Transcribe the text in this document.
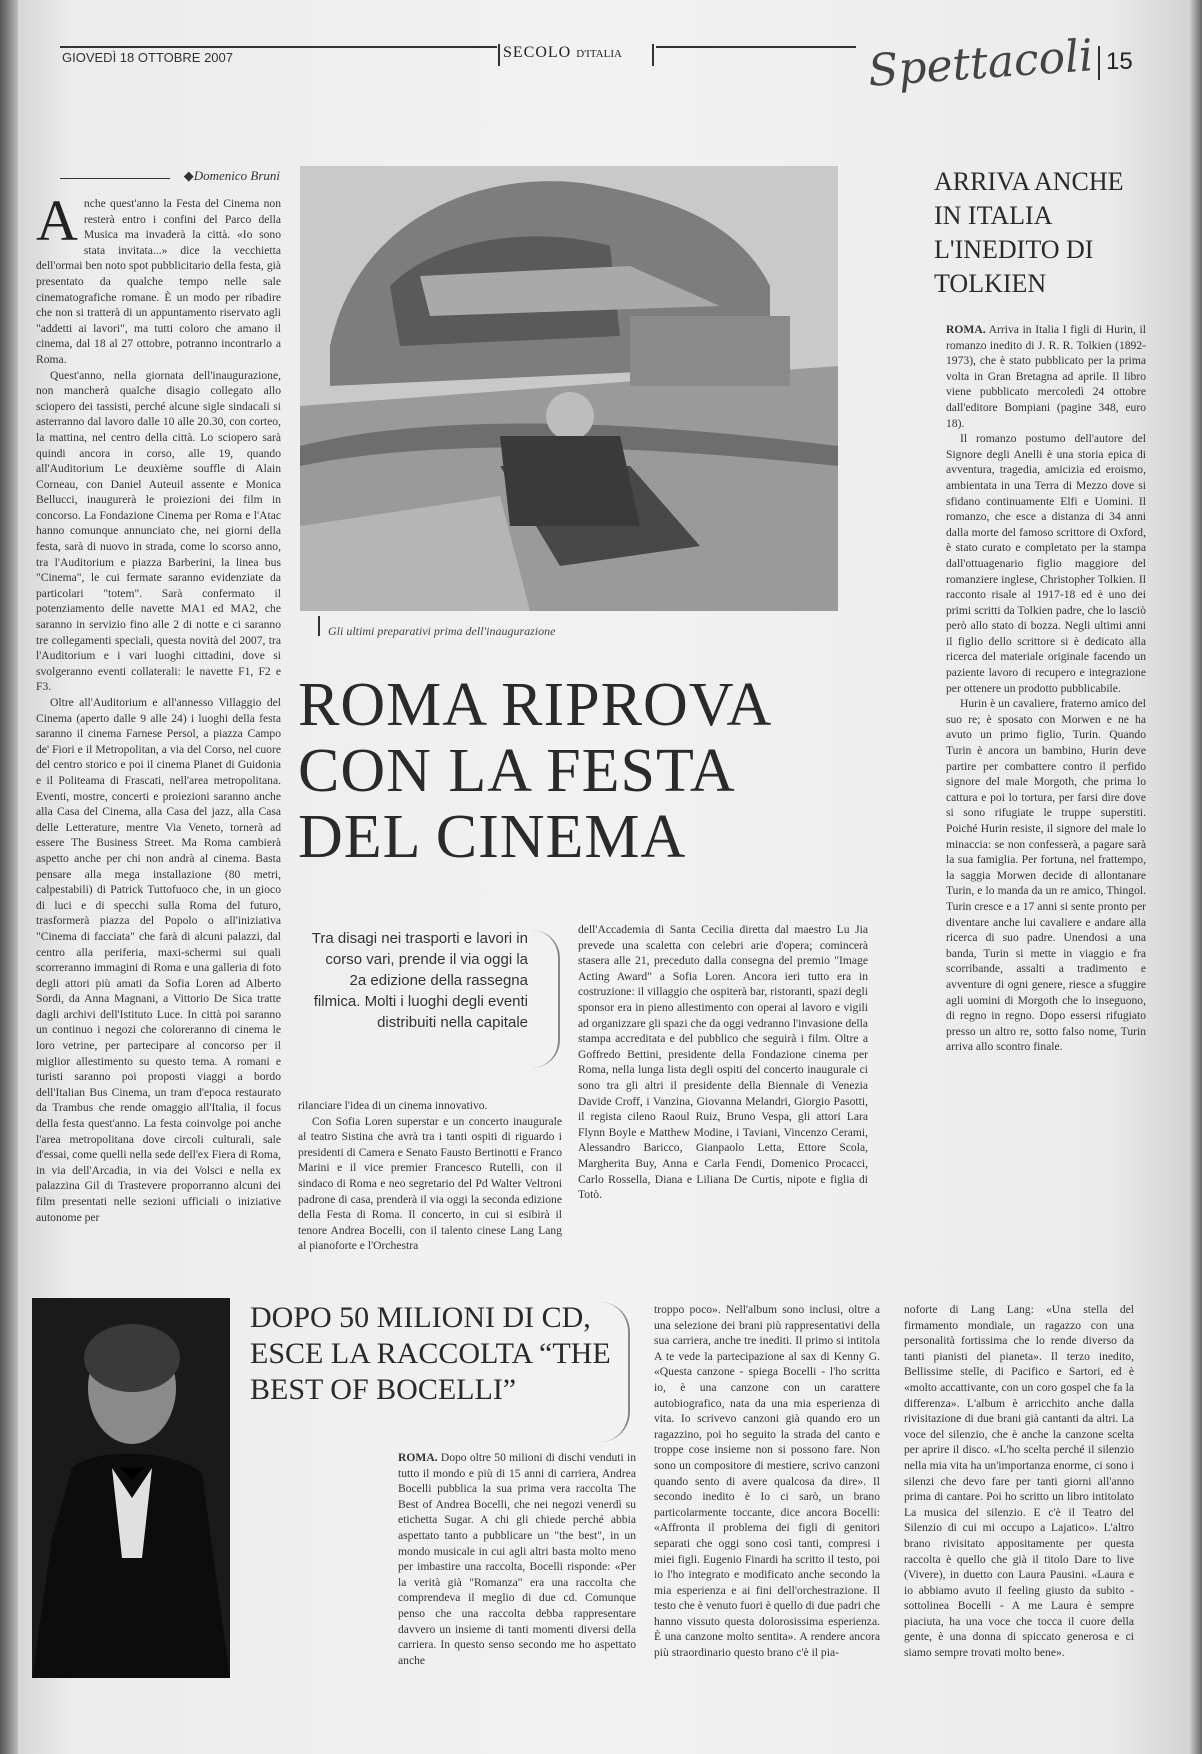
GIOVEDÌ 18 OTTOBRE 2007	SECOLO D'ITALIA	Spettacoli 15
◆Domenico Bruni

Anche quest'anno la Festa del Cinema non resterà entro i confini del Parco della Musica ma invaderà la città. «Io sono stata invitata...» dice la vecchietta dell'ormai ben noto spot pubblicitario della festa, già presentato da qualche tempo nelle sale cinematografiche romane. È un modo per ribadire che non si tratterà di un appuntamento riservato agli "addetti ai lavori", ma tutti coloro che amano il cinema, dal 18 al 27 ottobre, potranno incontrarlo a Roma.

Quest'anno, nella giornata dell'inaugurazione, non mancherà qualche disagio collegato allo sciopero dei tassisti, perché alcune sigle sindacali si asterranno dal lavoro dalle 10 alle 20.30, con corteo, la mattina, nel centro della città. Lo sciopero sarà quindi ancora in corso, alle 19, quando all'Auditorium Le deuxième souffle di Alain Corneau, con Daniel Auteuil assente e Monica Bellucci, inaugurerà le proiezioni dei film in concorso. La Fondazione Cinema per Roma e l'Atac hanno comunque annunciato che, nei giorni della festa, sarà di nuovo in strada, come lo scorso anno, tra l'Auditorium e piazza Barberini, la linea bus "Cinema", le cui fermate saranno evidenziate da particolari "totem". Sarà confermato il potenziamento delle navette MA1 ed MA2, che saranno in servizio fino alle 2 di notte e ci saranno tre collegamenti speciali, questa novità del 2007, tra l'Auditorium e i vari luoghi cittadini, dove si svolgeranno eventi collaterali: le navette F1, F2 e F3.

Oltre all'Auditorium e all'annesso Villaggio del Cinema (aperto dalle 9 alle 24) i luoghi della festa saranno il cinema Farnese Persol, a piazza Campo de' Fiori e il Metropolitan, a via del Corso, nel cuore del centro storico e poi il cinema Planet di Guidonia e il Politeama di Frascati, nell'area metropolitana. Eventi, mostre, concerti e proiezioni saranno anche alla Casa del Cinema, alla Casa del jazz, alla Casa delle Letterature, mentre Via Veneto, tornerà ad essere The Business Street. Ma Roma cambierà aspetto anche per chi non andrà al cinema. Basta pensare alla mega installazione (80 metri, calpestabili) di Patrick Tuttofuoco che, in un gioco di luci e di specchi sulla Roma del futuro, trasformerà piazza del Popolo o all'iniziativa "Cinema di facciata" che farà di alcuni palazzi, dal centro alla periferia, maxi-schermi sui quali scorreranno immagini di Roma e una galleria di foto degli attori più amati da Sofia Loren ad Alberto Sordi, da Anna Magnani, a Vittorio De Sica tratte dagli archivi dell'Istituto Luce. In città poi saranno un continuo i negozi che coloreranno di cinema le loro vetrine, per partecipare al concorso per il miglior allestimento su questo tema. A romani e turisti saranno poi proposti viaggi a bordo dell'Italian Bus Cinema, un tram d'epoca restaurato da Trambus che rende omaggio all'Italia, il focus della festa quest'anno. La festa coinvolge poi anche l'area metropolitana dove circoli culturali, sale d'essai, come quelli nella sede dell'ex Fiera di Roma, in via dell'Arcadia, in via dei Volsci e nella ex palazzina Gil di Trastevere proporranno alcuni dei film presentati nelle sezioni ufficiali o iniziative autonome per

Gli ultimi preparativi prima dell'inaugurazione
ROMA RIPROVA CON LA FESTA DEL CINEMA
Tra disagi nei trasporti e lavori in corso vari, prende il via oggi la 2a edizione della rassegna filmica. Molti i luoghi degli eventi distribuiti nella capitale

rilanciare l'idea di un cinema innovativo.

Con Sofia Loren superstar e un concerto inaugurale al teatro Sistina che avrà tra i tanti ospiti di riguardo i presidenti di Camera e Senato Fausto Bertinotti e Franco Marini e il vice premier Francesco Rutelli, con il sindaco di Roma e neo segretario del Pd Walter Veltroni padrone di casa, prenderà il via oggi la seconda edizione della Festa di Roma. Il concerto, in cui si esibirà il tenore Andrea Bocelli, con il talento cinese Lang Lang al pianoforte e l'Orchestra

dell'Accademia di Santa Cecilia diretta dal maestro Lu Jia prevede una scaletta con celebri arie d'opera; comincerà stasera alle 21, preceduto dalla consegna del premio "Image Acting Award" a Sofia Loren. Ancora ieri tutto era in costruzione: il villaggio che ospiterà bar, ristoranti, spazi degli sponsor era in pieno allestimento con operai al lavoro e vigili ad organizzare gli spazi che da oggi vedranno l'invasione della stampa accreditata e del pubblico che seguirà i film. Oltre a Goffredo Bettini, presidente della Fondazione cinema per Roma, nella lunga lista degli ospiti del concerto inaugurale ci sono tra gli altri il presidente della Biennale di Venezia Davide Croff, i Vanzina, Giovanna Melandri, Giorgio Pasotti, il regista cileno Raoul Ruiz, Bruno Vespa, gli attori Lara Flynn Boyle e Matthew Modine, i Taviani, Vincenzo Cerami, Alessandro Baricco, Gianpaolo Letta, Ettore Scola, Margherita Buy, Anna e Carla Fendi, Domenico Procacci, Carlo Rossella, Diana e Liliana De Curtis, nipote e figlia di Totò.

ARRIVA ANCHE IN ITALIA L'INEDITO DI TOLKIEN

ROMA. Arriva in Italia I figli di Hurin, il romanzo inedito di J. R. R. Tolkien (1892-1973), che è stato pubblicato per la prima volta in Gran Bretagna ad aprile. Il libro viene pubblicato mercoledì 24 ottobre dall'editore Bompiani (pagine 348, euro 18).

Il romanzo postumo dell'autore del Signore degli Anelli è una storia epica di avventura, tragedia, amicizia ed eroismo, ambientata in una Terra di Mezzo dove si sfidano continuamente Elfi e Uomini. Il romanzo, che esce a distanza di 34 anni dalla morte del famoso scrittore di Oxford, è stato curato e completato per la stampa dall'ottuagenario figlio maggiore del romanziere inglese, Christopher Tolkien. Il racconto risale al 1917-18 ed è uno dei primi scritti da Tolkien padre, che lo lasciò però allo stato di bozza. Negli ultimi anni il figlio dello scrittore si è dedicato alla ricerca del materiale originale facendo un paziente lavoro di recupero e integrazione per ottenere un prodotto pubblicabile.

Hurin è un cavaliere, fraterno amico del suo re; è sposato con Morwen e ne ha avuto un primo figlio, Turin. Quando Turin è ancora un bambino, Hurin deve partire per combattere contro il perfido signore del male Morgoth, che prima lo cattura e poi lo tortura, per farsi dire dove si sono rifugiate le truppe superstiti. Poiché Hurin resiste, il signore del male lo minaccia: se non confesserà, a pagare sarà la sua famiglia. Per fortuna, nel frattempo, la saggia Morwen decide di allontanare Turin, e lo manda da un re amico, Thingol. Turin cresce e a 17 anni si sente pronto per diventare anche lui cavaliere e andare alla ricerca di suo padre. Unendosi a una banda, Turin si mette in viaggio e fra scorribande, assalti a tradimento e avventure di ogni genere, riesce a sfuggire agli uomini di Morgoth che lo inseguono, di regno in regno. Dopo essersi rifugiato presso un altro re, sotto falso nome, Turin arriva allo scontro finale.

DOPO 50 MILIONI DI CD, ESCE LA RACCOLTA “THE BEST OF BOCELLI”

ROMA. Dopo oltre 50 milioni di dischi venduti in tutto il mondo e più di 15 anni di carriera, Andrea Bocelli pubblica la sua prima vera raccolta The Best of Andrea Bocelli, che nei negozi venerdì su etichetta Sugar. A chi gli chiede perché abbia aspettato tanto a pubblicare un "the best", in un mondo musicale in cui agli altri basta molto meno per imbastire una raccolta, Bocelli risponde: «Per la verità già "Romanza" era una raccolta che comprendeva il meglio di due cd. Comunque penso che una raccolta debba rappresentare davvero un insieme di tanti momenti diversi della carriera. In questo senso secondo me ho aspettato anche

troppo poco». Nell'album sono inclusi, oltre a una selezione dei brani più rappresentativi della sua carriera, anche tre inediti. Il primo si intitola A te vede la partecipazione al sax di Kenny G. «Questa canzone - spiega Bocelli - l'ho scritta io, è una canzone con un carattere autobiografico, nata da una mia esperienza di vita. Io scrivevo canzoni già quando ero un ragazzino, poi ho seguito la strada del canto e troppe cose insieme non si possono fare. Non sono un compositore di mestiere, scrivo canzoni quando sento di avere qualcosa da dire». Il secondo inedito è Io ci sarò, un brano particolarmente toccante, dice ancora Bocelli: «Affronta il problema dei figli di genitori separati che oggi sono così tanti, compresi i miei figli. Eugenio Finardi ha scritto il testo, poi io l'ho integrato e modificato anche secondo la mia esperienza e ai fini dell'orchestrazione. Il testo che è venuto fuori è quello di due padri che hanno vissuto questa dolorosissima esperienza. È una canzone molto sentita». A rendere ancora più straordinario questo brano c'è il pia-

noforte di Lang Lang: «Una stella del firmamento mondiale, un ragazzo con una personalità fortissima che lo rende diverso da tanti pianisti del pianeta». Il terzo inedito, Bellissime stelle, di Pacifico e Sartori, ed è «molto accattivante, con un coro gospel che fa la differenza». L'album è arricchito anche dalla rivisitazione di due brani già cantanti da altri. La voce del silenzio, che è anche la canzone scelta per aprire il disco. «L'ho scelta perché il silenzio nella mia vita ha un'importanza enorme, ci sono i silenzi che devo fare per tanti giorni all'anno prima di cantare. Poi ho scritto un libro intitolato La musica del silenzio. E c'è il Teatro del Silenzio di cui mi occupo a Lajatico». L'altro brano rivisitato appositamente per questa raccolta è quello che già il titolo Dare to live (Vivere), in duetto con Laura Pausini. «Laura e io abbiamo avuto il feeling giusto da subito - sottolinea Bocelli - A me Laura è sempre piaciuta, ha una voce che tocca il cuore della gente, è una donna di spiccato generosa e ci siamo sempre trovati molto bene».
